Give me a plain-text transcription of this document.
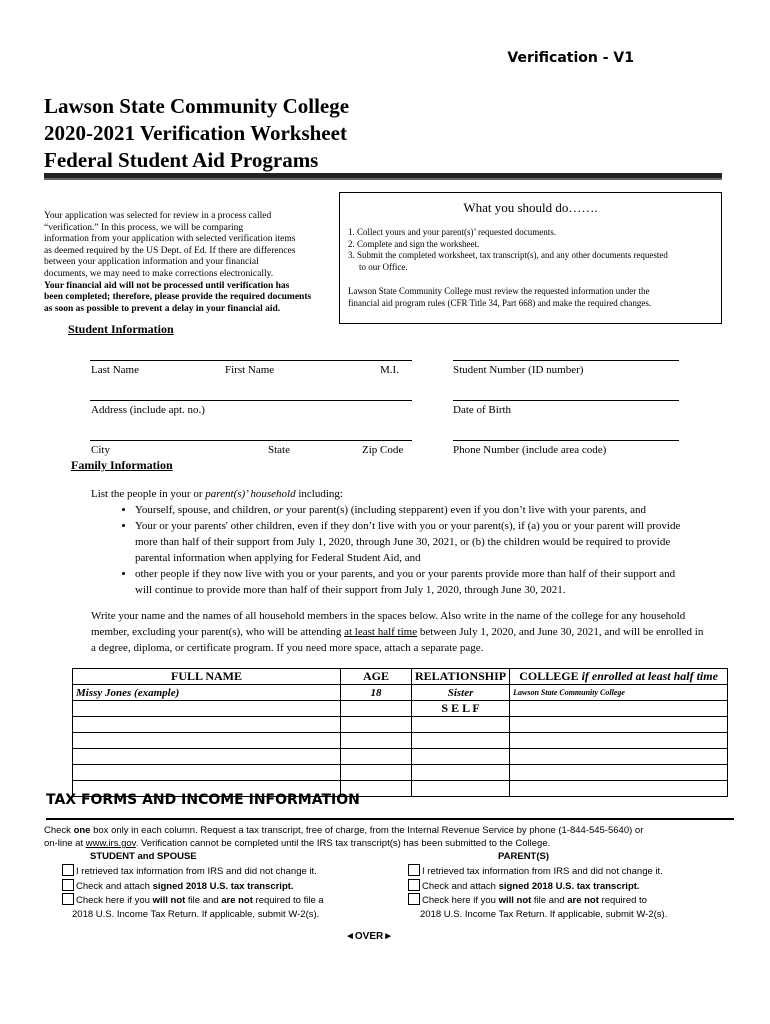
Verification - V1
Lawson State Community College
2020-2021 Verification Worksheet
Federal Student Aid Programs
Your application was selected for review in a process called
“verification.” In this process, we will be comparing
information from your application with selected verification items
as deemed required by the US Dept. of Ed. If there are differences
between your application information and your financial
documents, we may need to make corrections electronically.
Your financial aid will not be processed until verification has
been completed; therefore, please provide the required documents
as soon as possible to prevent a delay in your financial aid.
What you should do…….
1. Collect yours and your parent(s)’ requested documents.
2. Complete and sign the worksheet.
3. Submit the completed worksheet, tax transcript(s), and any other documents requested
to our Office.

Lawson State Community College must review the requested information under the
financial aid program rules (CFR Title 34, Part 668) and make the required changes.

Student Information
Last Name	First Name	M.I.	Student Number (ID number)
Address (include apt. no.)	Date of Birth
City	State	Zip Code	Phone Number (include area code)
Family Information
List the people in your or parent(s)’ household including:
• Yourself, spouse, and children, or your parent(s) (including stepparent) even if you don’t live with your parents, and
• Your or your parents' other children, even if they don’t live with you or your parent(s), if (a) you or your parent will provide
more than half of their support from July 1, 2020, through June 30, 2021, or (b) the children would be required to provide
parental information when applying for Federal Student Aid, and
• other people if they now live with you or your parents, and you or your parents provide more than half of their support and
will continue to provide more than half of their support from July 1, 2020, through June 30, 2021.
Write your name and the names of all household members in the spaces below. Also write in the name of the college for any household
member, excluding your parent(s), who will be attending at least half time between July 1, 2020, and June 30, 2021, and will be enrolled in
a degree, diploma, or certificate program. If you need more space, attach a separate page.
FULL NAME	AGE	RELATIONSHIP	COLLEGE if enrolled at least half time
Missy Jones (example)	18	Sister	Lawson State Community College
		S E L F	

TAX FORMS AND INCOME INFORMATION
Check one box only in each column. Request a tax transcript, free of charge, from the Internal Revenue Service by phone (1-844-545-5640) or
on-line at www.irs.gov. Verification cannot be completed until the IRS tax transcript(s) has been submitted to the College.
STUDENT and SPOUSE	PARENT(S)
I retrieved tax information from IRS and did not change it.
Check and attach signed 2018 U.S. tax transcript.
Check here if you will not file and are not required to file a
2018 U.S. Income Tax Return. If applicable, submit W-2(s).
I retrieved tax information from IRS and did not change it.
Check and attach signed 2018 U.S. tax transcript.
Check here if you will not file and are not required to
2018 U.S. Income Tax Return. If applicable, submit W-2(s).
◄OVER►
